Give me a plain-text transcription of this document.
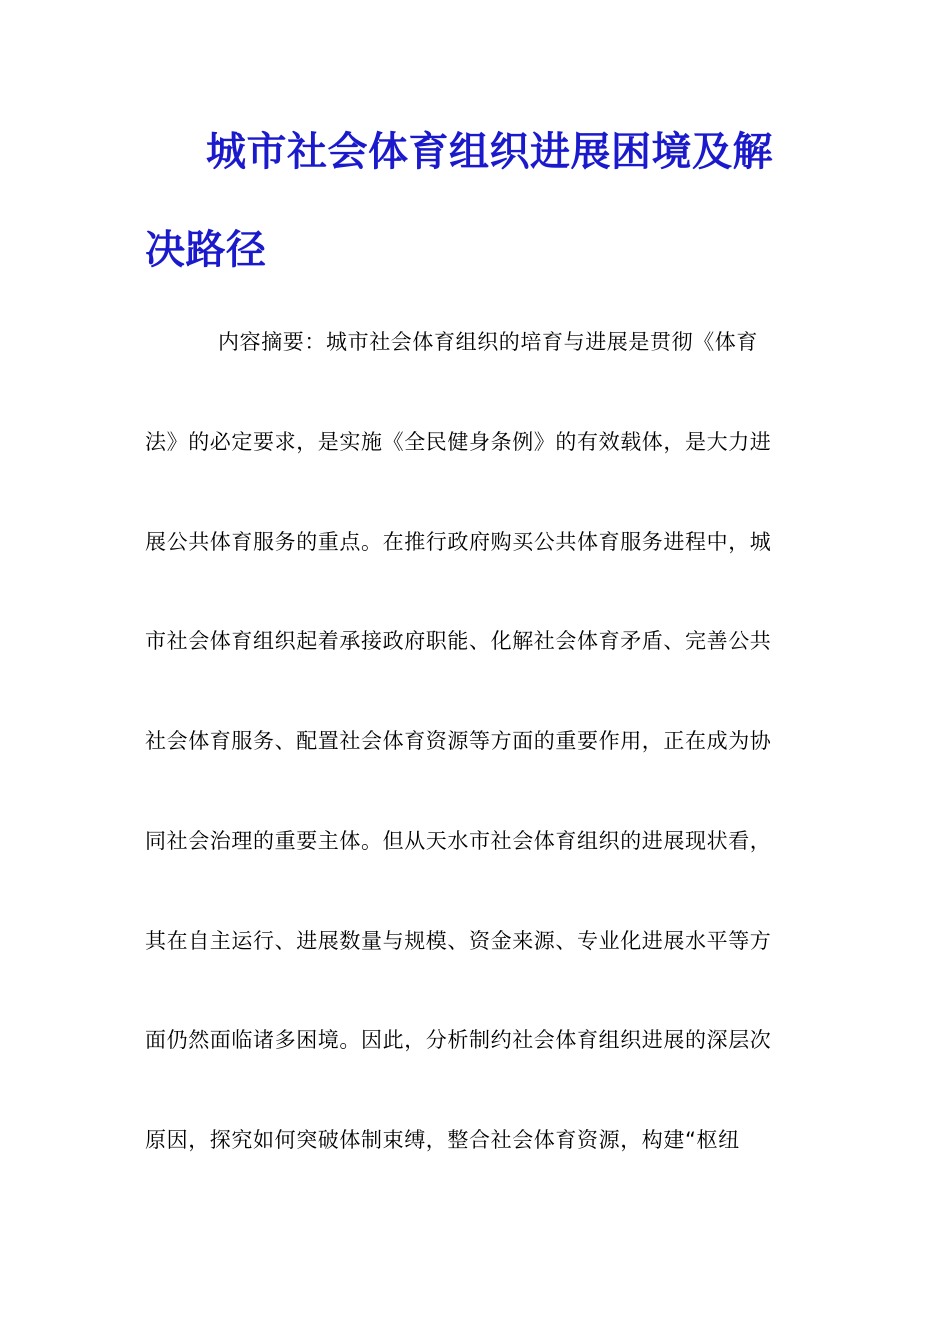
城市社会体育组织进展困境及解
决路径

内容摘要：城市社会体育组织的培育与进展是贯彻《体育

法》的必定要求，是实施《全民健身条例》的有效载体，是大力进

展公共体育服务的重点。在推行政府购买公共体育服务进程中，城

市社会体育组织起着承接政府职能、化解社会体育矛盾、完善公共

社会体育服务、配置社会体育资源等方面的重要作用，正在成为协

同社会治理的重要主体。但从天水市社会体育组织的进展现状看，

其在自主运行、进展数量与规模、资金来源、专业化进展水平等方

面仍然面临诸多困境。因此，分析制约社会体育组织进展的深层次

原因，探究如何突破体制束缚，整合社会体育资源，构建“枢纽
